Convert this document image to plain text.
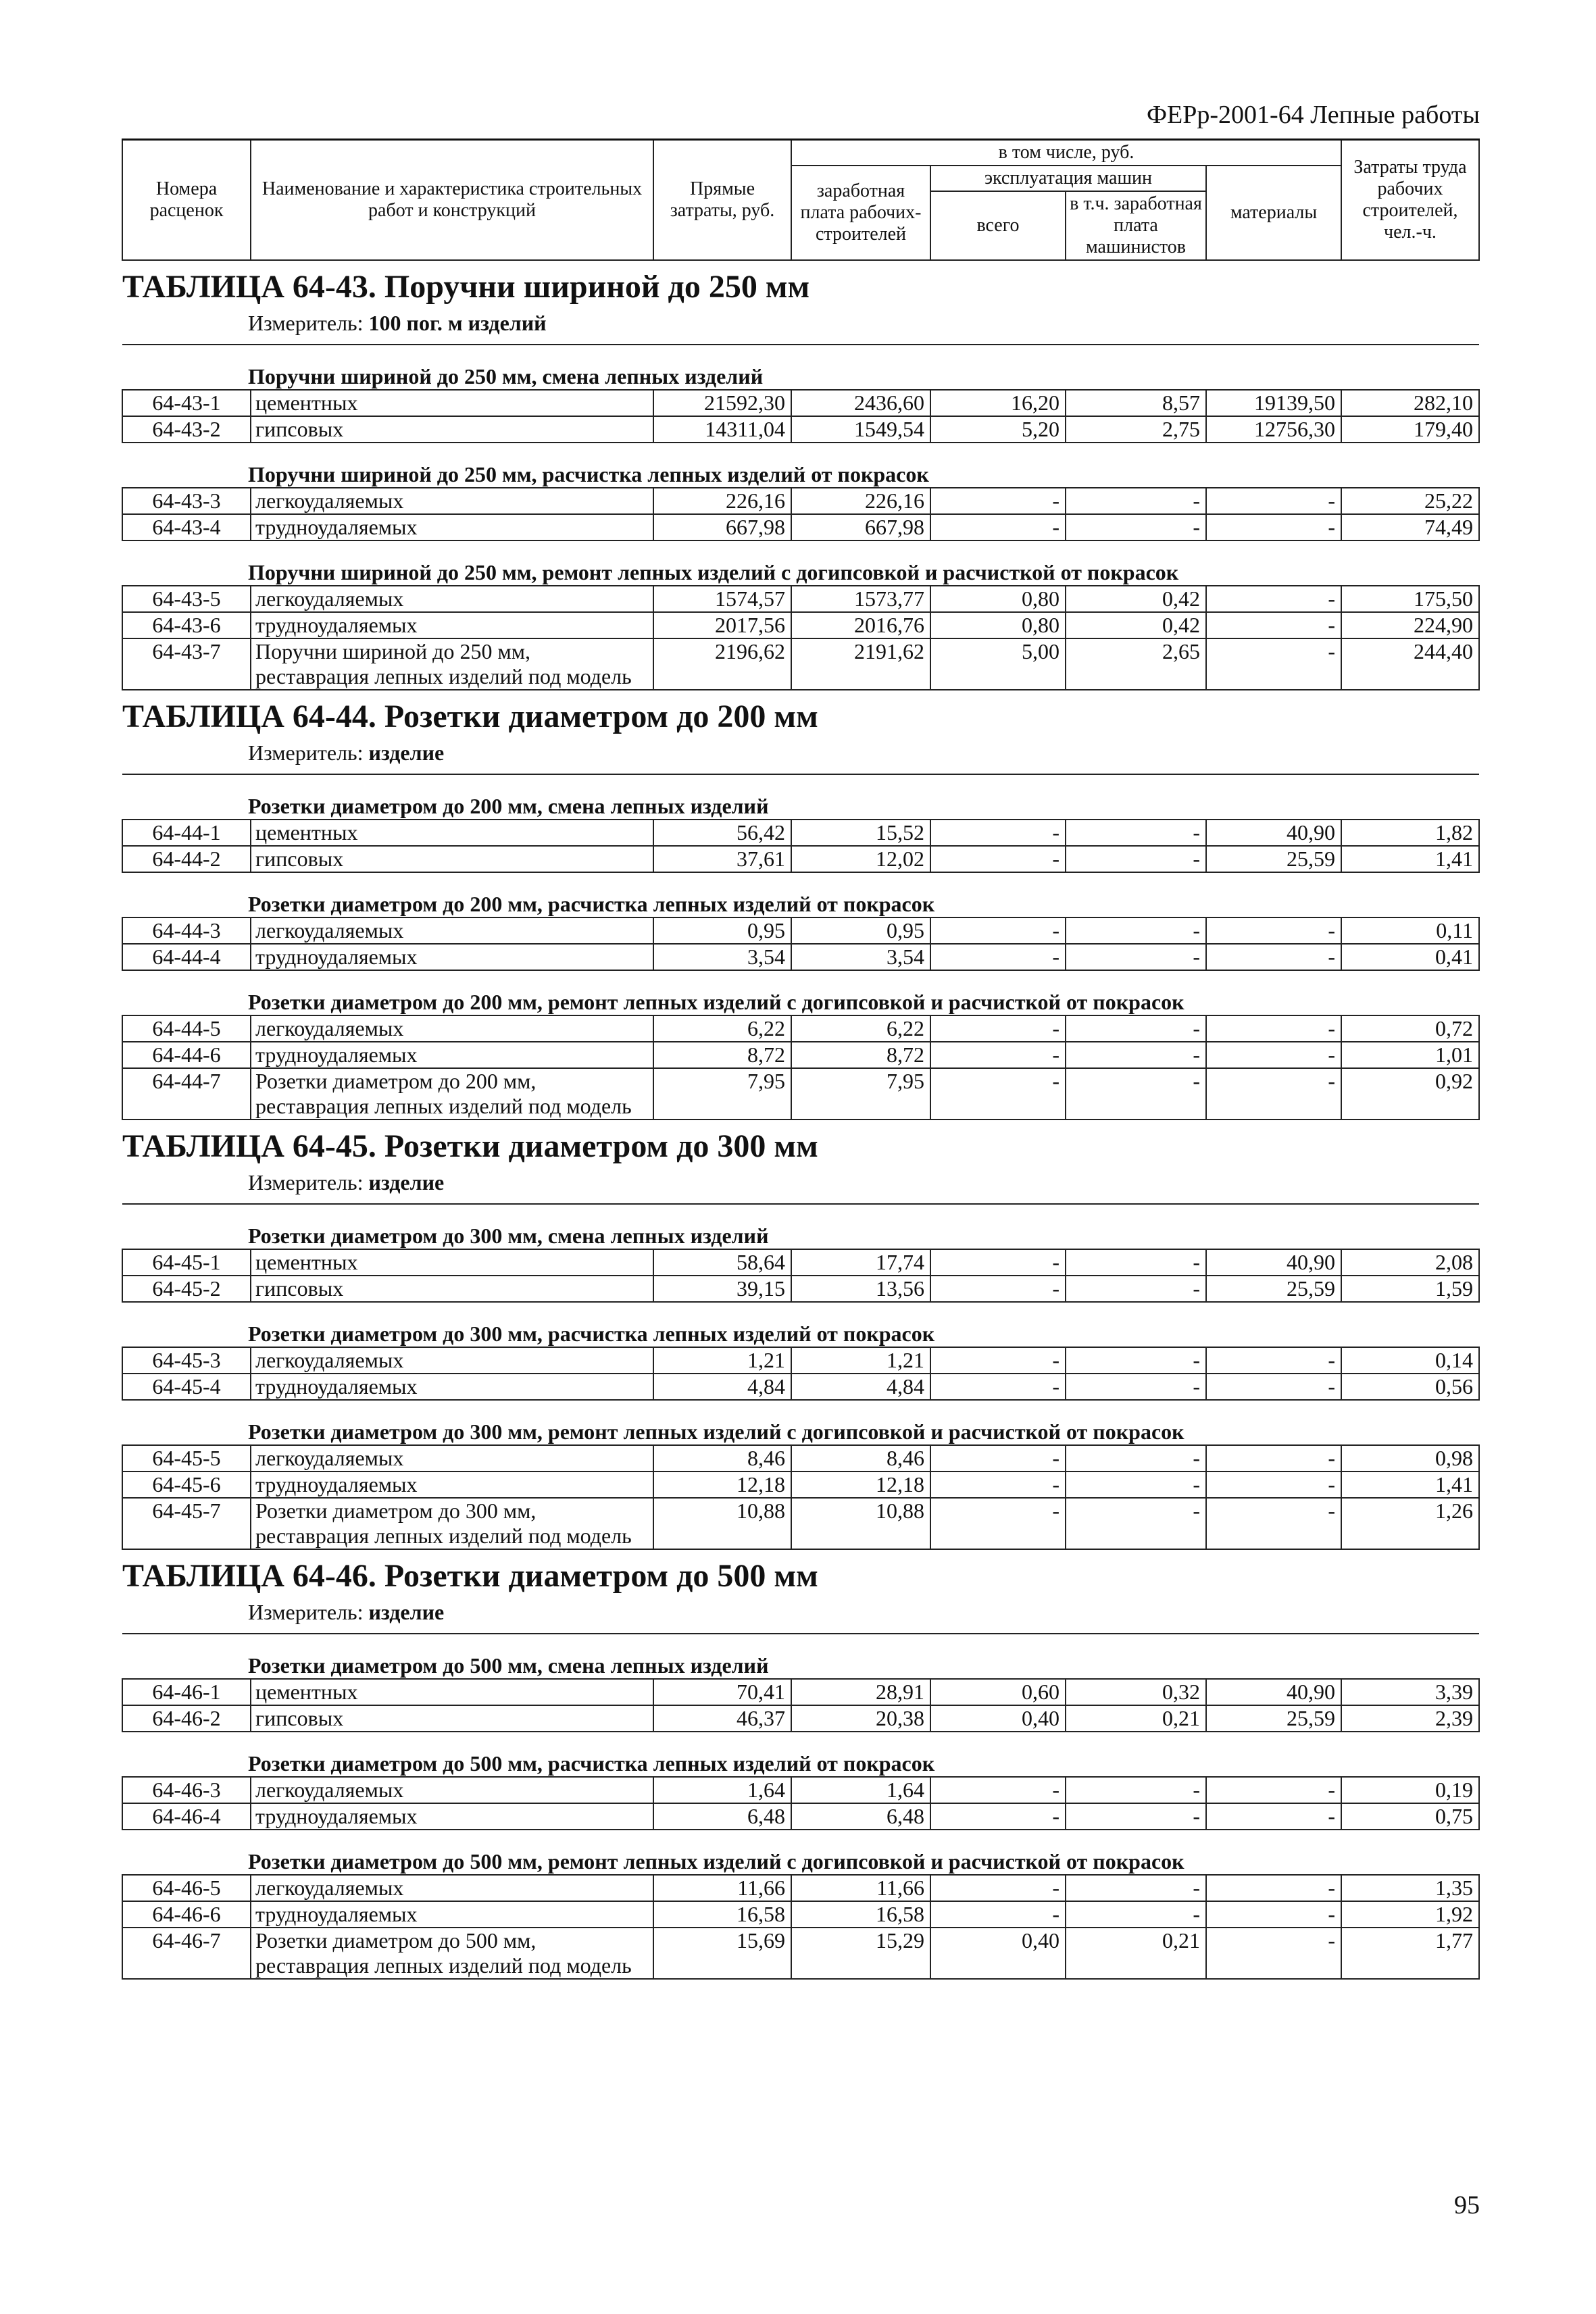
ФЕРр-2001-64 Лепные работы
Номера расценок	Наименование и характеристика строительных работ и конструкций	Прямые затраты, руб.	в том числе, руб.				Затраты труда рабочих строителей, чел.-ч.
			заработная плата рабочих-строителей	эксплуатация машин		материалы	
				всего	в т.ч. заработная плата машинистов		

ТАБЛИЦА 64-43. Поручни шириной до 250 мм							
Измеритель: 100 пог. м изделий							
Поручни шириной до 250 мм, смена лепных изделий							
64-43-1	цементных	21592,30	2436,60	16,20	8,57	19139,50	282,10
64-43-2	гипсовых	14311,04	1549,54	5,20	2,75	12756,30	179,40
Поручни шириной до 250 мм, расчистка лепных изделий от покрасок							
64-43-3	легкоудаляемых	226,16	226,16	-	-	-	25,22
64-43-4	трудноудаляемых	667,98	667,98	-	-	-	74,49
Поручни шириной до 250 мм, ремонт лепных изделий с догипсовкой и расчисткой от покрасок							
64-43-5	легкоудаляемых	1574,57	1573,77	0,80	0,42	-	175,50
64-43-6	трудноудаляемых	2017,56	2016,76	0,80	0,42	-	224,90
64-43-7	Поручни шириной до 250 мм, реставрация лепных изделий под модель	2196,62	2191,62	5,00	2,65	-	244,40
ТАБЛИЦА 64-44. Розетки диаметром до 200 мм							
Измеритель: изделие							
Розетки диаметром до 200 мм, смена лепных изделий							
64-44-1	цементных	56,42	15,52	-	-	40,90	1,82
64-44-2	гипсовых	37,61	12,02	-	-	25,59	1,41
Розетки диаметром до 200 мм, расчистка лепных изделий от покрасок							
64-44-3	легкоудаляемых	0,95	0,95	-	-	-	0,11
64-44-4	трудноудаляемых	3,54	3,54	-	-	-	0,41
Розетки диаметром до 200 мм, ремонт лепных изделий с догипсовкой и расчисткой от покрасок							
64-44-5	легкоудаляемых	6,22	6,22	-	-	-	0,72
64-44-6	трудноудаляемых	8,72	8,72	-	-	-	1,01
64-44-7	Розетки диаметром до 200 мм, реставрация лепных изделий под модель	7,95	7,95	-	-	-	0,92
ТАБЛИЦА 64-45. Розетки диаметром до 300 мм							
Измеритель: изделие							
Розетки диаметром до 300 мм, смена лепных изделий							
64-45-1	цементных	58,64	17,74	-	-	40,90	2,08
64-45-2	гипсовых	39,15	13,56	-	-	25,59	1,59
Розетки диаметром до 300 мм, расчистка лепных изделий от покрасок							
64-45-3	легкоудаляемых	1,21	1,21	-	-	-	0,14
64-45-4	трудноудаляемых	4,84	4,84	-	-	-	0,56
Розетки диаметром до 300 мм, ремонт лепных изделий с догипсовкой и расчисткой от покрасок							
64-45-5	легкоудаляемых	8,46	8,46	-	-	-	0,98
64-45-6	трудноудаляемых	12,18	12,18	-	-	-	1,41
64-45-7	Розетки диаметром до 300 мм, реставрация лепных изделий под модель	10,88	10,88	-	-	-	1,26
ТАБЛИЦА 64-46. Розетки диаметром до 500 мм							
Измеритель: изделие							
Розетки диаметром до 500 мм, смена лепных изделий							
64-46-1	цементных	70,41	28,91	0,60	0,32	40,90	3,39
64-46-2	гипсовых	46,37	20,38	0,40	0,21	25,59	2,39
Розетки диаметром до 500 мм, расчистка лепных изделий от покрасок							
64-46-3	легкоудаляемых	1,64	1,64	-	-	-	0,19
64-46-4	трудноудаляемых	6,48	6,48	-	-	-	0,75
Розетки диаметром до 500 мм, ремонт лепных изделий с догипсовкой и расчисткой от покрасок							
64-46-5	легкоудаляемых	11,66	11,66	-	-	-	1,35
64-46-6	трудноудаляемых	16,58	16,58	-	-	-	1,92
64-46-7	Розетки диаметром до 500 мм, реставрация лепных изделий под модель	15,69	15,29	0,40	0,21	-	1,77
95
